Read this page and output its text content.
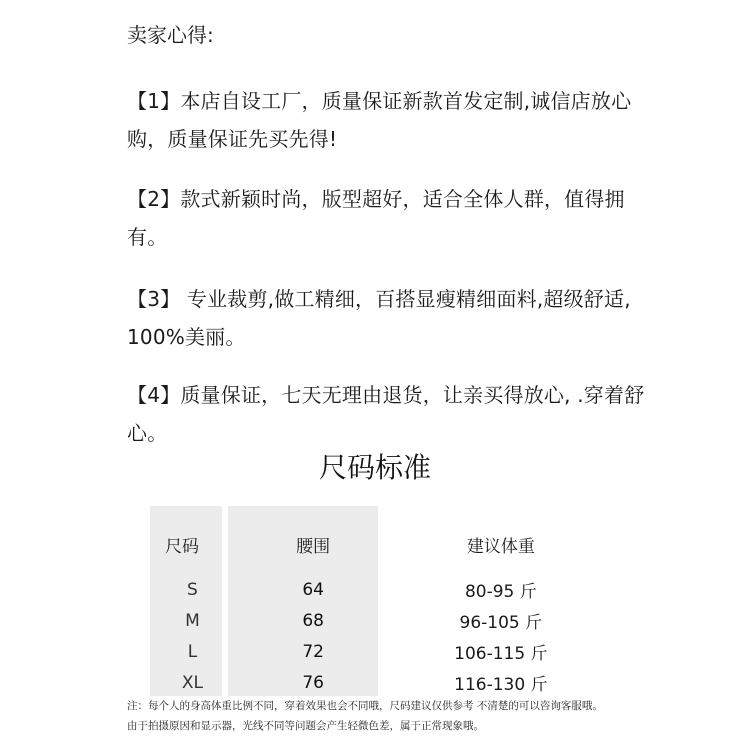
卖家心得:
【1】本店自设工厂，质量保证新款首发定制,诚信店放心购，质量保证先买先得!
【2】款式新颖时尚，版型超好，适合全体人群，值得拥有。
【3】 专业裁剪,做工精细，百搭显瘦精细面料,超级舒适, 100%美丽。
【4】质量保证，七天无理由退货，让亲买得放心, .穿着舒心。
尺码标准
尺码		腰围	建议体重
S		64	80-95 斤
M		68	96-105 斤
L		72	106-115 斤
XL		76	116-130 斤
注：每个人的身高体重比例不同，穿着效果也会不同哦，尺码建议仅供参考 不清楚的可以咨询客服哦。
由于拍摄原因和显示器，光线不同等问题会产生轻微色差，属于正常现象哦。
